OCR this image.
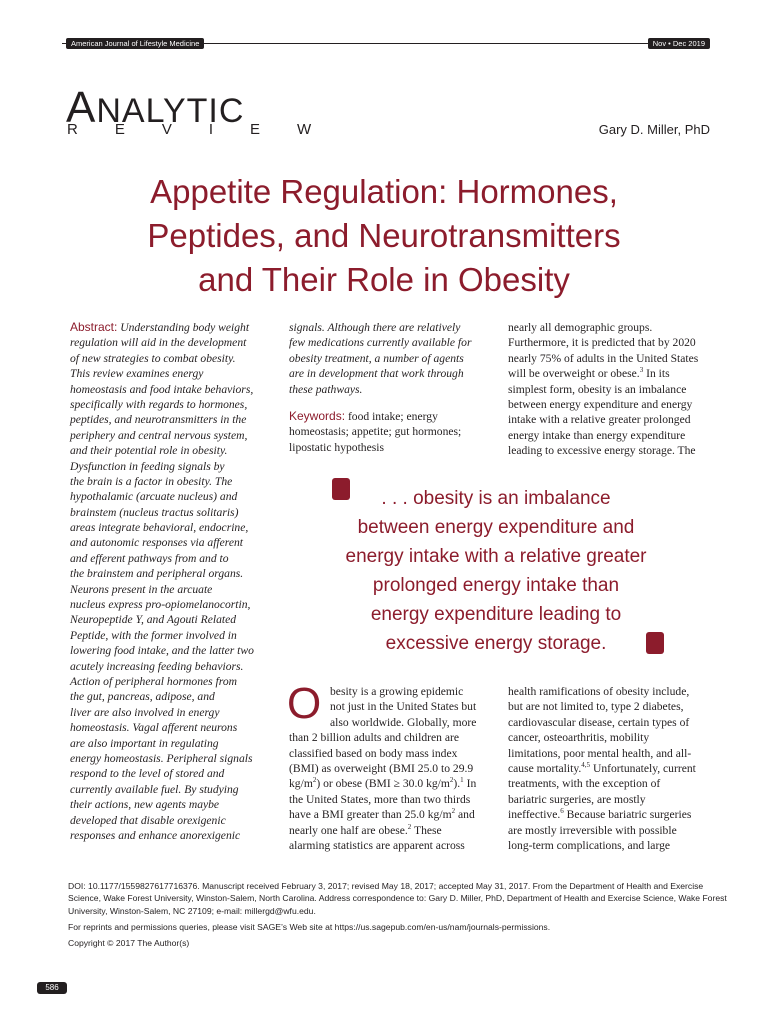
American Journal of Lifestyle Medicine	Nov • Dec 2019
ANALYTIC
REVIEW	Gary D. Miller, PhD
Appetite Regulation: Hormones,
Peptides, and Neurotransmitters
and Their Role in Obesity
Abstract: Understanding body weight
regulation will aid in the development
of new strategies to combat obesity.
This review examines energy
homeostasis and food intake behaviors,
specifically with regards to hormones,
peptides, and neurotransmitters in the
periphery and central nervous system,
and their potential role in obesity.
Dysfunction in feeding signals by
the brain is a factor in obesity. The
hypothalamic (arcuate nucleus) and
brainstem (nucleus tractus solitaris)
areas integrate behavioral, endocrine,
and autonomic responses via afferent
and efferent pathways from and to
the brainstem and peripheral organs.
Neurons present in the arcuate
nucleus express pro-opiomelanocortin,
Neuropeptide Y, and Agouti Related
Peptide, with the former involved in
lowering food intake, and the latter two
acutely increasing feeding behaviors.
Action of peripheral hormones from
the gut, pancreas, adipose, and
liver are also involved in energy
homeostasis. Vagal afferent neurons
are also important in regulating
energy homeostasis. Peripheral signals
respond to the level of stored and
currently available fuel. By studying
their actions, new agents maybe
developed that disable orexigenic
responses and enhance anorexigenic
signals. Although there are relatively
few medications currently available for
obesity treatment, a number of agents
are in development that work through
these pathways.
Keywords: food intake; energy
homeostasis; appetite; gut hormones;
lipostatic hypothesis
nearly all demographic groups.
Furthermore, it is predicted that by 2020
nearly 75% of adults in the United States
will be overweight or obese.$^3$ In its
simplest form, obesity is an imbalance
between energy expenditure and energy
intake with a relative greater prolonged
energy intake than energy expenditure
leading to excessive energy storage. The
. . . obesity is an imbalance
between energy expenditure and
energy intake with a relative greater
prolonged energy intake than
energy expenditure leading to
excessive energy storage.
O besity is a growing epidemic
not just in the United States but
also worldwide. Globally, more
than 2 billion adults and children are
classified based on body mass index
(BMI) as overweight (BMI 25.0 to 29.9
$kg/m^2$) or obese (BMI ≥ 30.0 $kg/m^2).^1$ In
the United States, more than two thirds
have a BMI greater than 25.0 $kg/m^2$ and
nearly one half are obese.$^2$ These
alarming statistics are apparent across
health ramifications of obesity include,
but are not limited to, type 2 diabetes,
cardiovascular disease, certain types of
cancer, osteoarthritis, mobility
limitations, poor mental health, and all-
cause mortality.$^{4,5}$ Unfortunately, current
treatments, with the exception of
bariatric surgeries, are mostly
ineffective.$^6$ Because bariatric surgeries
are mostly irreversible with possible
long-term complications, and large
DOI: 10.1177/1559827617716376. Manuscript received February 3, 2017; revised May 18, 2017; accepted May 31, 2017. From the Department of Health and Exercise
Science, Wake Forest University, Winston-Salem, North Carolina. Address correspondence to: Gary D. Miller, PhD, Department of Health and Exercise Science, Wake Forest
University, Winston-Salem, NC 27109; e-mail: millergd@wfu.edu.
For reprints and permissions queries, please visit SAGE’s Web site at https://us.sagepub.com/en-us/nam/journals-permissions.
Copyright © 2017 The Author(s)
586
